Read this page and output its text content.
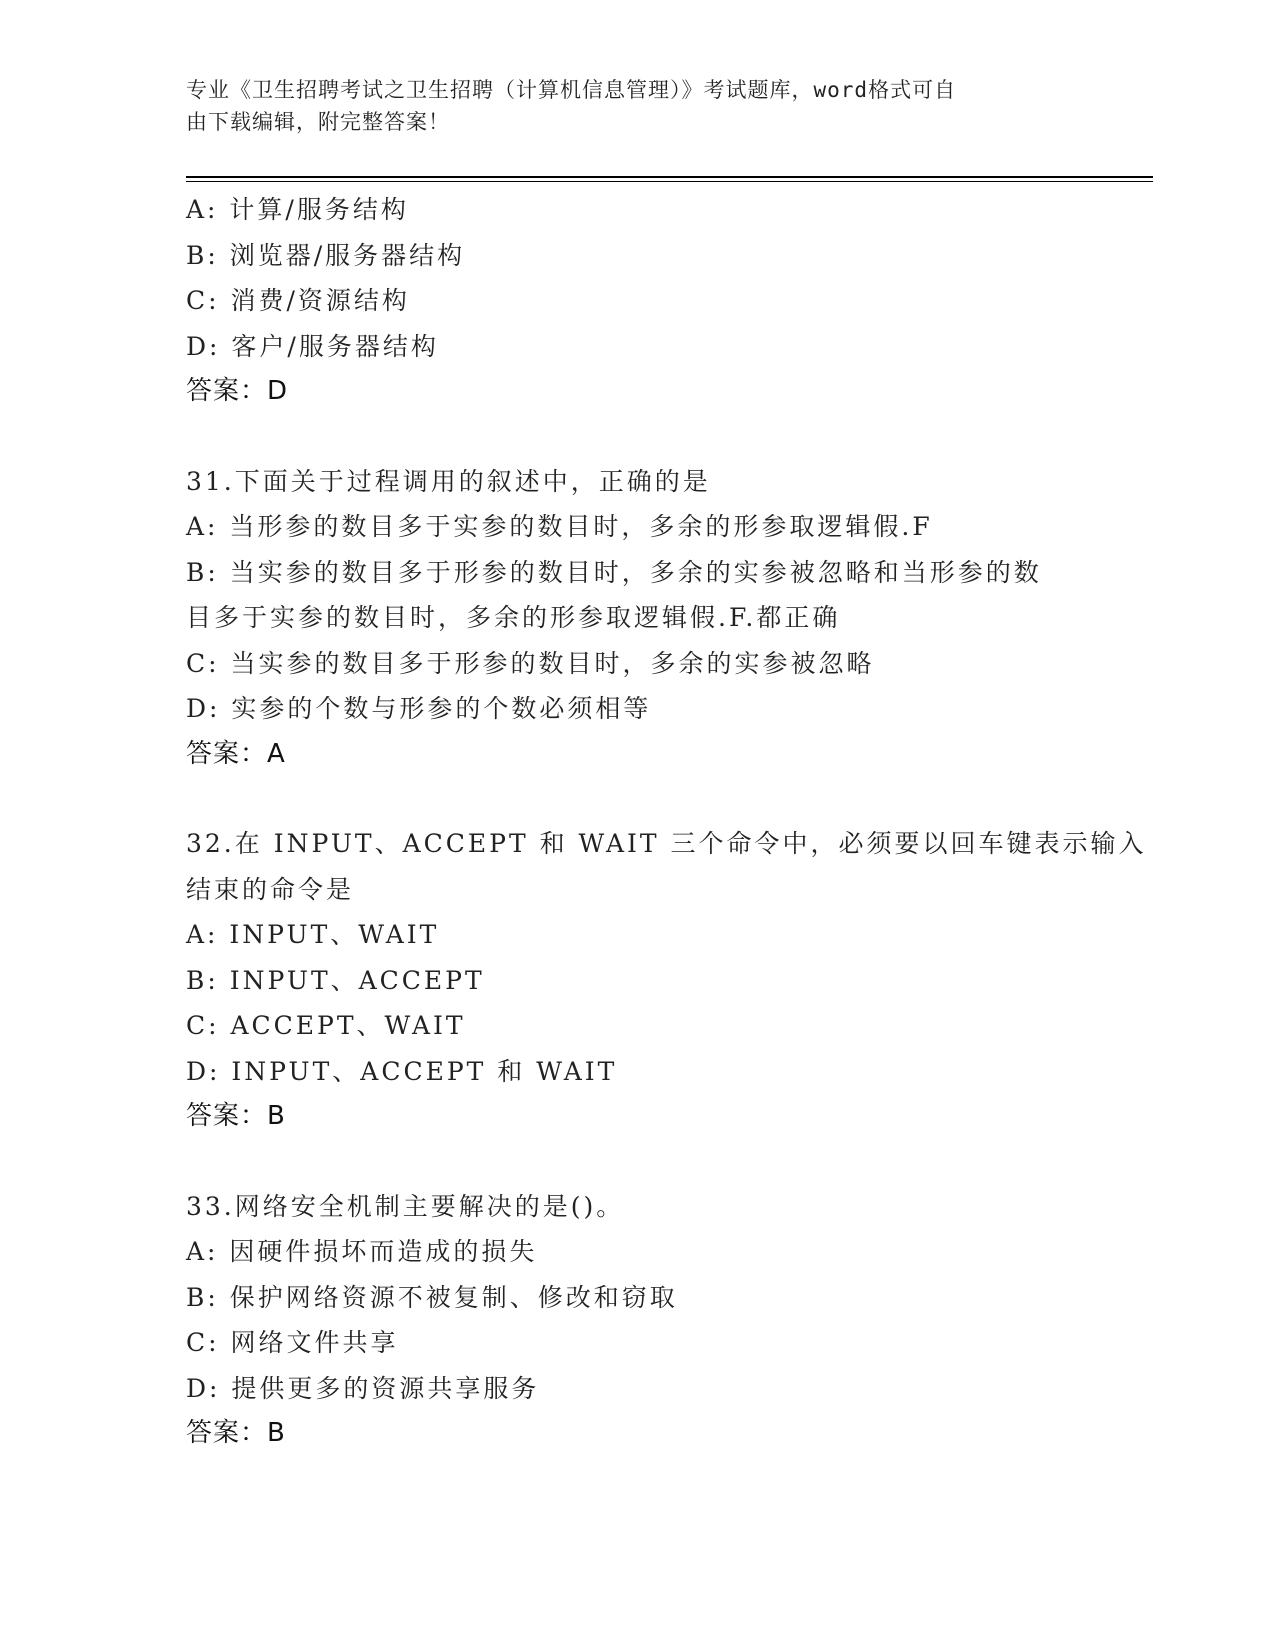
专业《卫生招聘考试之卫生招聘（计算机信息管理）》考试题库，word格式可自
由下载编辑，附完整答案！
A: 计算/服务结构
B: 浏览器/服务器结构
C: 消费/资源结构
D: 客户/服务器结构
答案：D
31.下面关于过程调用的叙述中，正确的是
A: 当形参的数目多于实参的数目时，多余的形参取逻辑假.F
B: 当实参的数目多于形参的数目时，多余的实参被忽略和当形参的数
目多于实参的数目时，多余的形参取逻辑假.F.都正确
C: 当实参的数目多于形参的数目时，多余的实参被忽略
D: 实参的个数与形参的个数必须相等
答案：A
32.在 INPUT、ACCEPT 和 WAIT 三个命令中，必须要以回车键表示输入
结束的命令是
A: INPUT、WAIT
B: INPUT、ACCEPT
C: ACCEPT、WAIT
D: INPUT、ACCEPT 和 WAIT
答案：B
33.网络安全机制主要解决的是()。
A: 因硬件损坏而造成的损失
B: 保护网络资源不被复制、修改和窃取
C: 网络文件共享
D: 提供更多的资源共享服务
答案：B
